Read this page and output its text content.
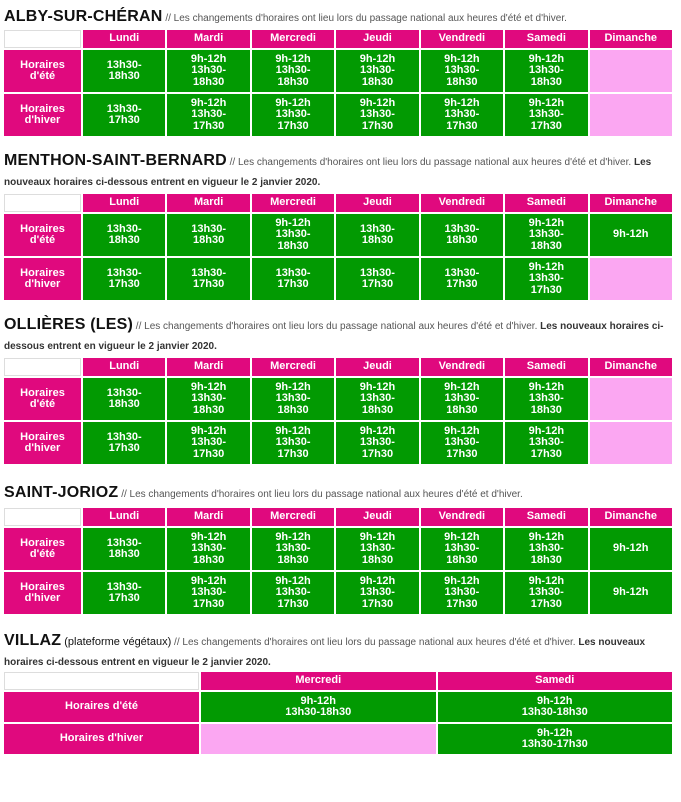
ALBY-SUR-CHÉRAN // Les changements d'horaires ont lieu lors du passage national aux heures d'été et d'hiver.

	Lundi	Mardi	Mercredi	Jeudi	Vendredi	Samedi	Dimanche
Horaires
d'été	13h30-
18h30	9h-12h
13h30-
18h30	9h-12h
13h30-
18h30	9h-12h
13h30-
18h30	9h-12h
13h30-
18h30	9h-12h
13h30-
18h30	
Horaires
d'hiver	13h30-
17h30	9h-12h
13h30-
17h30	9h-12h
13h30-
17h30	9h-12h
13h30-
17h30	9h-12h
13h30-
17h30	9h-12h
13h30-
17h30	

MENTHON-SAINT-BERNARD // Les changements d'horaires ont lieu lors du passage national aux heures d'été et d'hiver. Les nouveaux horaires ci-dessous entrent en vigueur le 2 janvier 2020.

	Lundi	Mardi	Mercredi	Jeudi	Vendredi	Samedi	Dimanche
Horaires
d'été	13h30-
18h30	13h30-
18h30	9h-12h
13h30-
18h30	13h30-
18h30	13h30-
18h30	9h-12h
13h30-
18h30	9h-12h
Horaires
d'hiver	13h30-
17h30	13h30-
17h30	13h30-
17h30	13h30-
17h30	13h30-
17h30	9h-12h
13h30-
17h30	

OLLIÈRES (LES) // Les changements d'horaires ont lieu lors du passage national aux heures d'été et d'hiver. Les nouveaux horaires ci-dessous entrent en vigueur le 2 janvier 2020.

	Lundi	Mardi	Mercredi	Jeudi	Vendredi	Samedi	Dimanche
Horaires
d'été	13h30-
18h30	9h-12h
13h30-
18h30	9h-12h
13h30-
18h30	9h-12h
13h30-
18h30	9h-12h
13h30-
18h30	9h-12h
13h30-
18h30	
Horaires
d'hiver	13h30-
17h30	9h-12h
13h30-
17h30	9h-12h
13h30-
17h30	9h-12h
13h30-
17h30	9h-12h
13h30-
17h30	9h-12h
13h30-
17h30	

SAINT-JORIOZ // Les changements d'horaires ont lieu lors du passage national aux heures d'été et d'hiver.

	Lundi	Mardi	Mercredi	Jeudi	Vendredi	Samedi	Dimanche
Horaires
d'été	13h30-
18h30	9h-12h
13h30-
18h30	9h-12h
13h30-
18h30	9h-12h
13h30-
18h30	9h-12h
13h30-
18h30	9h-12h
13h30-
18h30	9h-12h
Horaires
d'hiver	13h30-
17h30	9h-12h
13h30-
17h30	9h-12h
13h30-
17h30	9h-12h
13h30-
17h30	9h-12h
13h30-
17h30	9h-12h
13h30-
17h30	9h-12h

VILLAZ (plateforme végétaux) // Les changements d'horaires ont lieu lors du passage national aux heures d'été et d'hiver. Les nouveaux horaires ci-dessous entrent en vigueur le 2 janvier 2020.

	Mercredi	Samedi
Horaires d'été	9h-12h
13h30-18h30	9h-12h
13h30-18h30
Horaires d'hiver		9h-12h
13h30-17h30
